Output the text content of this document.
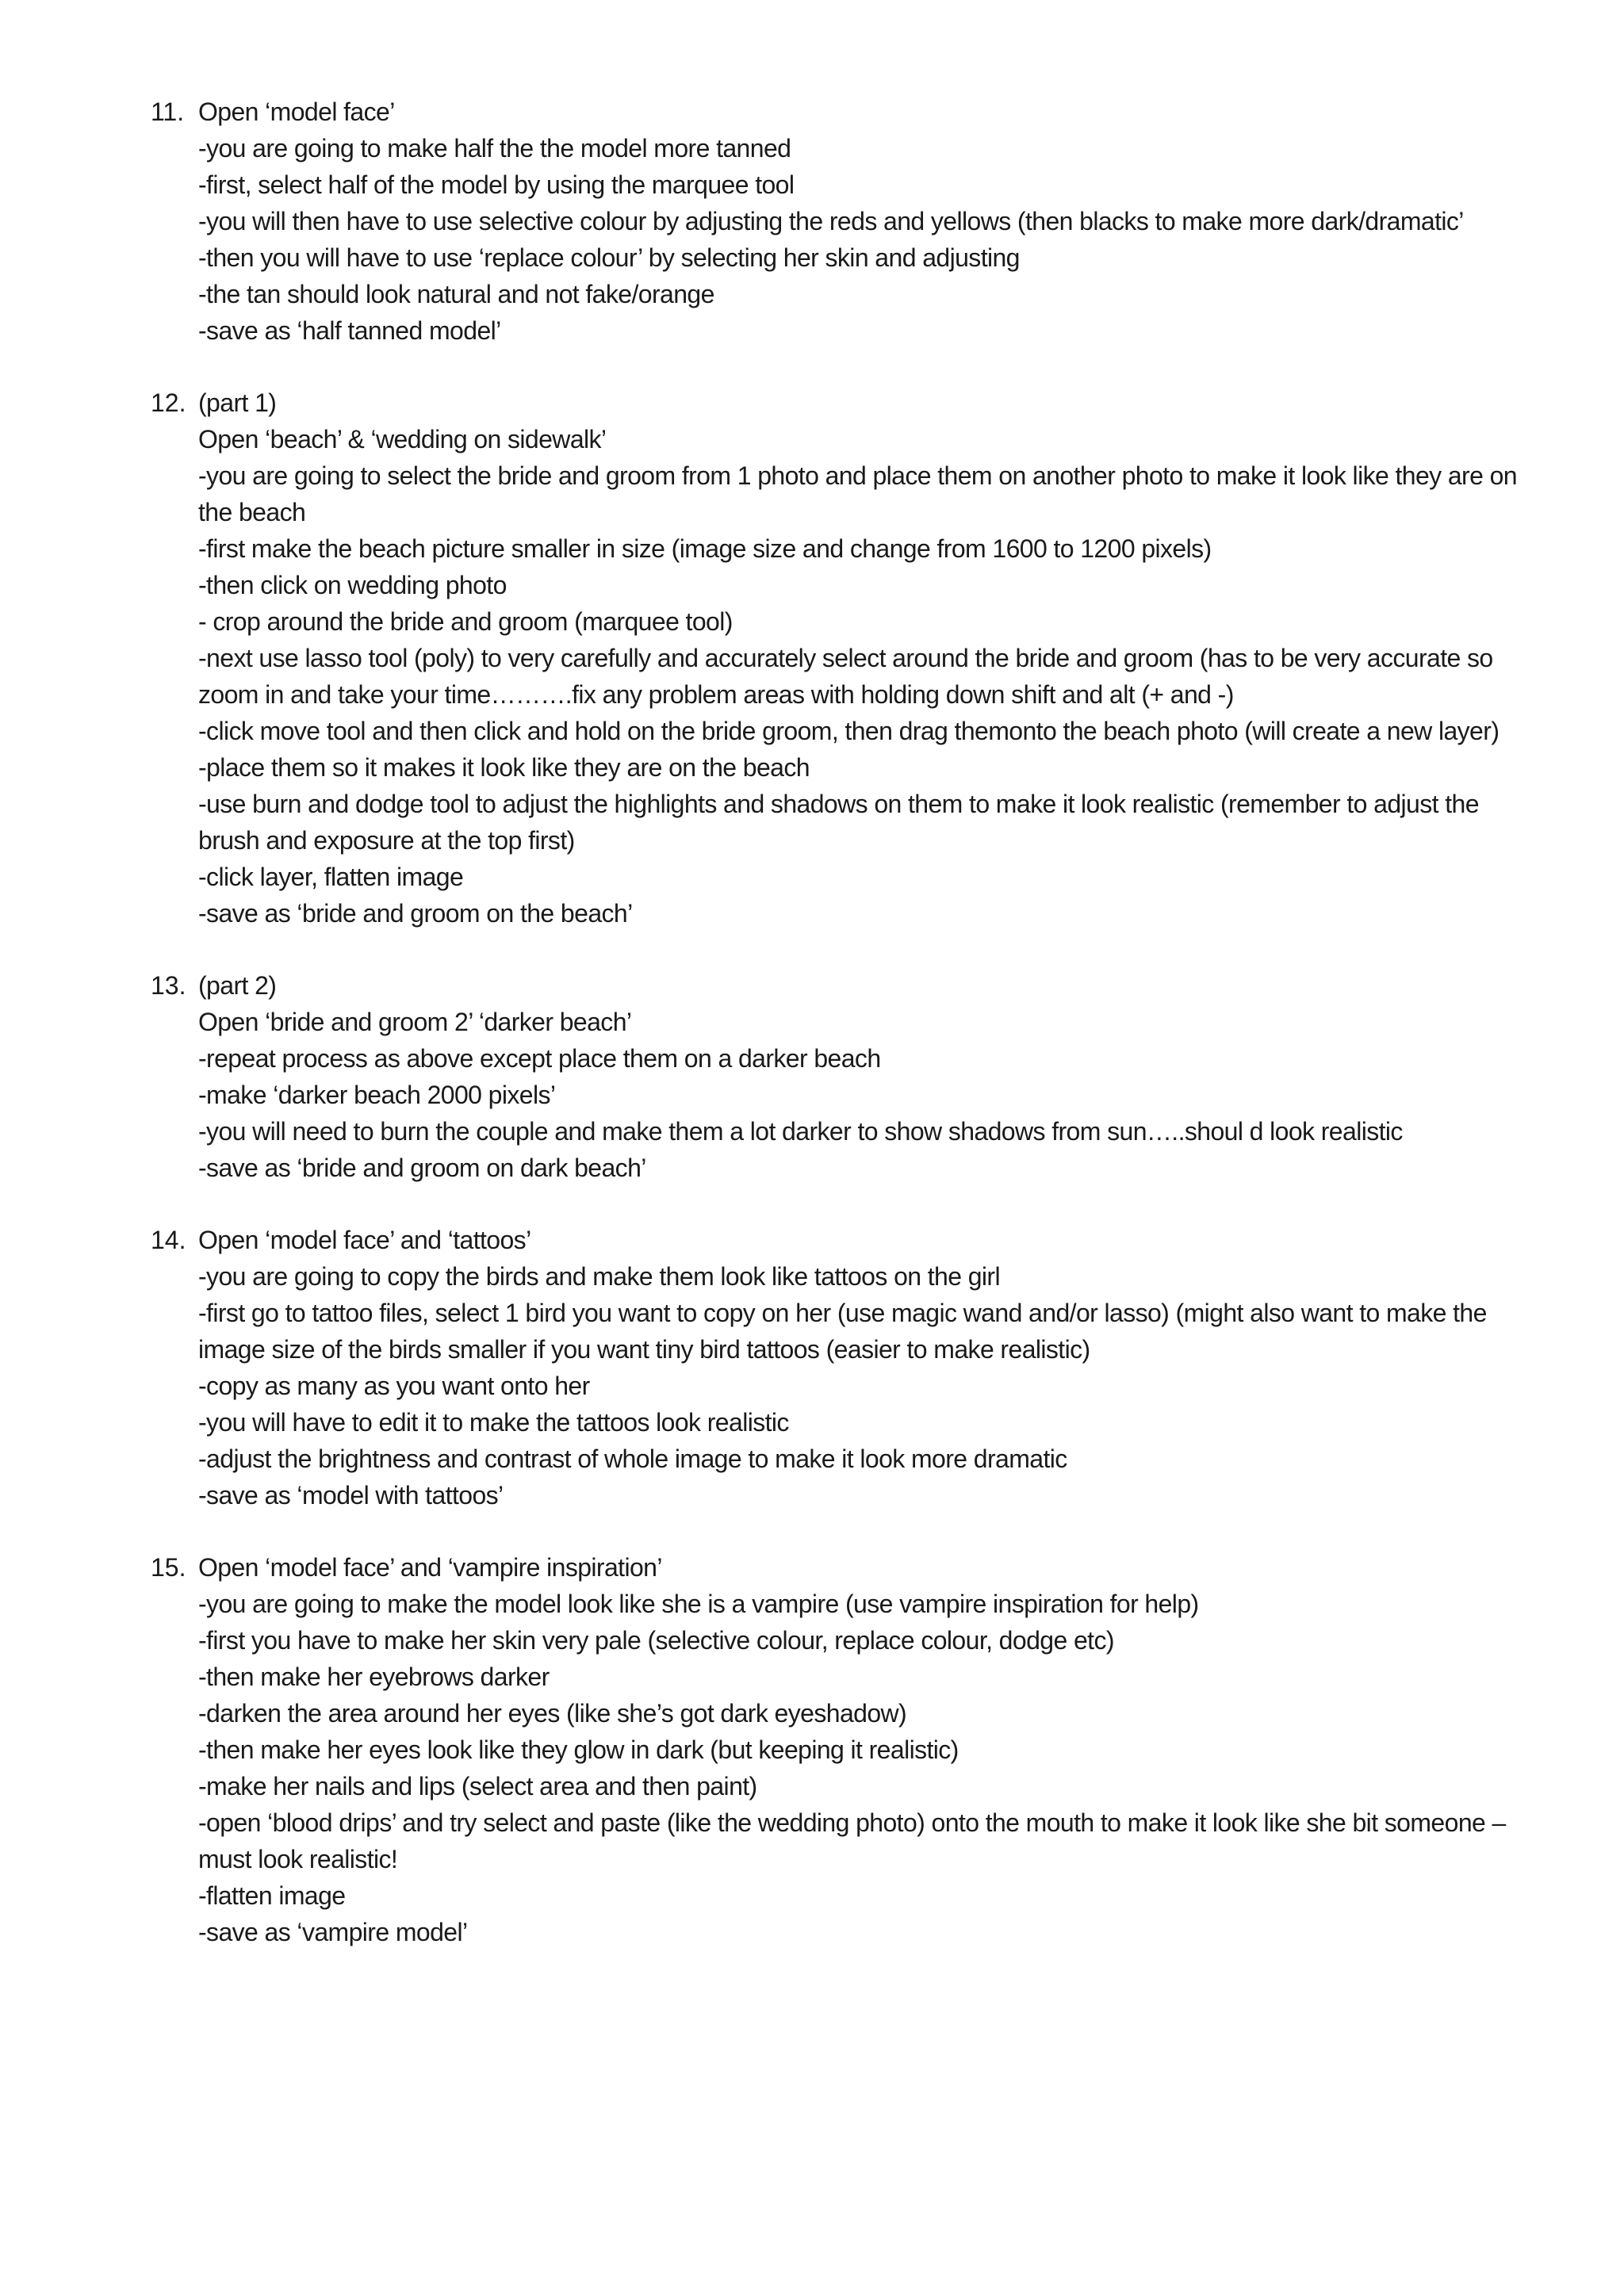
11. Open ‘model face’
-you are going to make half the the model more tanned
-first, select half of the model by using the marquee tool
-you will then have to use selective colour by adjusting the reds and yellows (then blacks to make more dark/dramatic’
-then you will have to use ‘replace colour’ by selecting her skin and adjusting
-the tan should look natural and not fake/orange
-save as ‘half tanned model’
12. (part 1)
Open ‘beach’ & ‘wedding on sidewalk’
-you are going to select the bride and groom from 1 photo and place them on another photo to make it look like they are on the beach
-first make the beach picture smaller in size (image size and change from 1600 to 1200 pixels)
-then click on wedding photo
- crop around the bride and groom (marquee tool)
-next use lasso tool (poly) to very carefully and accurately select around the bride and groom (has to be very accurate so zoom in and take your time……….fix any problem areas with holding down shift and alt (+ and -)
-click move tool and then click and hold on the bride groom, then drag themonto the beach photo (will create a new layer)
-place them so it makes it look like they are on the beach
-use burn and dodge tool to adjust the highlights and shadows on them to make it look realistic (remember to adjust the brush and exposure at the top first)
-click layer, flatten image
-save as ‘bride and groom on the beach’
13. (part 2)
Open ‘bride and groom 2’ ‘darker beach’
-repeat process as above except place them on a darker beach
-make ‘darker beach 2000 pixels’
-you will need to burn the couple and make them a lot darker to show shadows from sun…..shoul d look realistic
-save as ‘bride and groom on dark beach’
14. Open ‘model face’ and ‘tattoos’
-you are going to copy the birds and make them look like tattoos on the girl
-first go to tattoo files, select 1 bird you want to copy on her (use magic wand and/or lasso) (might also want to make the image size of the birds smaller if you want tiny bird tattoos (easier to make realistic)
-copy as many as you want onto her
-you will have to edit it to make the tattoos look realistic
-adjust the brightness and contrast of whole image to make it look more dramatic
-save as ‘model with tattoos’
15. Open ‘model face’ and ‘vampire inspiration’
-you are going to make the model look like she is a vampire (use vampire inspiration for help)
-first you have to make her skin very pale (selective colour, replace colour, dodge etc)
-then make her eyebrows darker
-darken the area around her eyes (like she’s got dark eyeshadow)
-then make her eyes look like they glow in dark (but keeping it realistic)
-make her nails and lips (select area and then paint)
-open ‘blood drips’ and try select and paste (like the wedding photo) onto the mouth to make it look like she bit someone – must look realistic!
-flatten image
-save as ‘vampire model’
